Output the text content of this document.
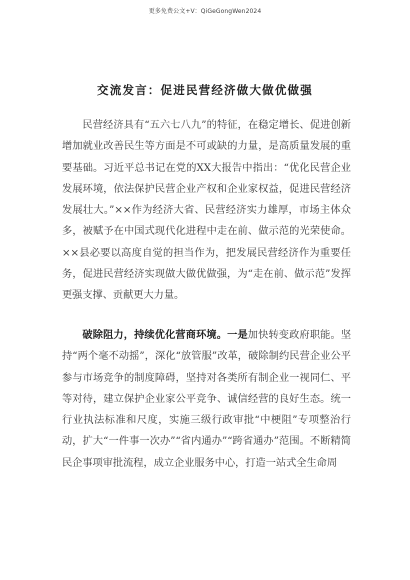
更多免费公文+V：QiGeGongWen2024
交流发言：促进民营经济做大做优做强

民营经济具有“五六七八九”的特征，在稳定增长、促进创新增加就业改善民生等方面是不可或缺的力量，是高质量发展的重要基础。习近平总书记在党的XX大报告中指出：“优化民营企业发展环境，依法保护民营企业产权和企业家权益，促进民营经济发展壮大。”××作为经济大省、民营经济实力雄厚，市场主体众多，被赋予在中国式现代化进程中走在前、做示范的光荣使命。××县必要以高度自觉的担当作为，把发展民营经济作为重要任务，促进民营经济实现做大做优做强，为“走在前、做示范”发挥更强支撑、贡献更大力量。

破除阻力，持续优化营商环境。一是加快转变政府职能。坚持“两个毫不动摇”，深化“放管服”改革，破除制约民营企业公平参与市场竞争的制度障碍，坚持对各类所有制企业一视同仁、平等对待，建立保护企业家公平竞争、诚信经营的良好生态。统一行业执法标准和尺度，实施三级行政审批“中梗阻”专项整治行动，扩大“一件事一次办”“省内通办”“跨省通办”范围。不断精简民企事项审批流程，成立企业服务中心，打造一站式全生命周
